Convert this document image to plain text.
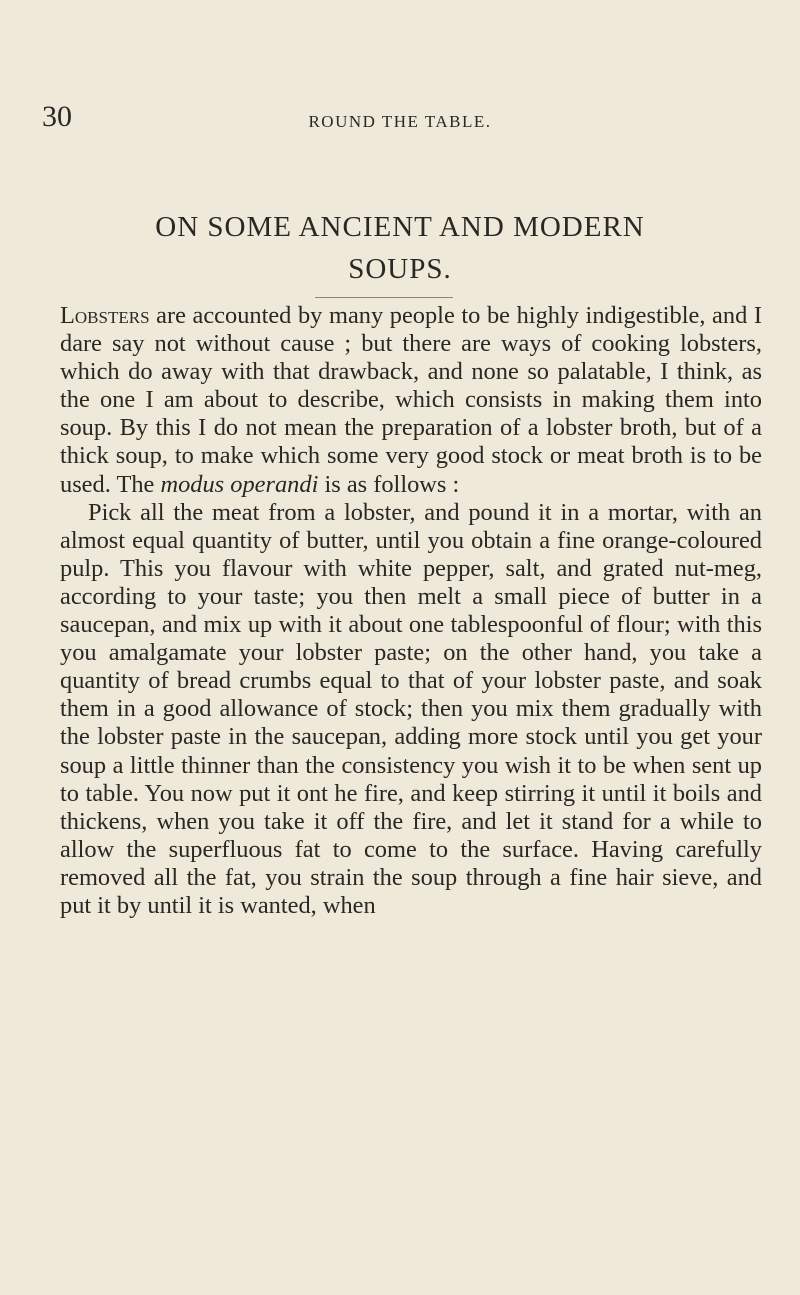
30	ROUND THE TABLE.
ON SOME ANCIENT AND MODERN
SOUPS.

Lobsters are accounted by many people to be highly indigestible, and I dare say not without cause ; but there are ways of cooking lobsters, which do away with that drawback, and none so palatable, I think, as the one I am about to describe, which consists in making them into soup. By this I do not mean the preparation of a lobster broth, but of a thick soup, to make which some very good stock or meat broth is to be used. The modus operandi is as follows :

Pick all the meat from a lobster, and pound it in a mortar, with an almost equal quantity of butter, until you obtain a fine orange-coloured pulp. This you flavour with white pepper, salt, and grated nut-meg, according to your taste; you then melt a small piece of butter in a saucepan, and mix up with it about one tablespoonful of flour; with this you amalgamate your lobster paste; on the other hand, you take a quantity of bread crumbs equal to that of your lobster paste, and soak them in a good allowance of stock; then you mix them gradually with the lobster paste in the saucepan, adding more stock until you get your soup a little thinner than the consistency you wish it to be when sent up to table. You now put it ont he fire, and keep stirring it until it boils and thickens, when you take it off the fire, and let it stand for a while to allow the superfluous fat to come to the surface. Having carefully removed all the fat, you strain the soup through a fine hair sieve, and put it by until it is wanted, when
